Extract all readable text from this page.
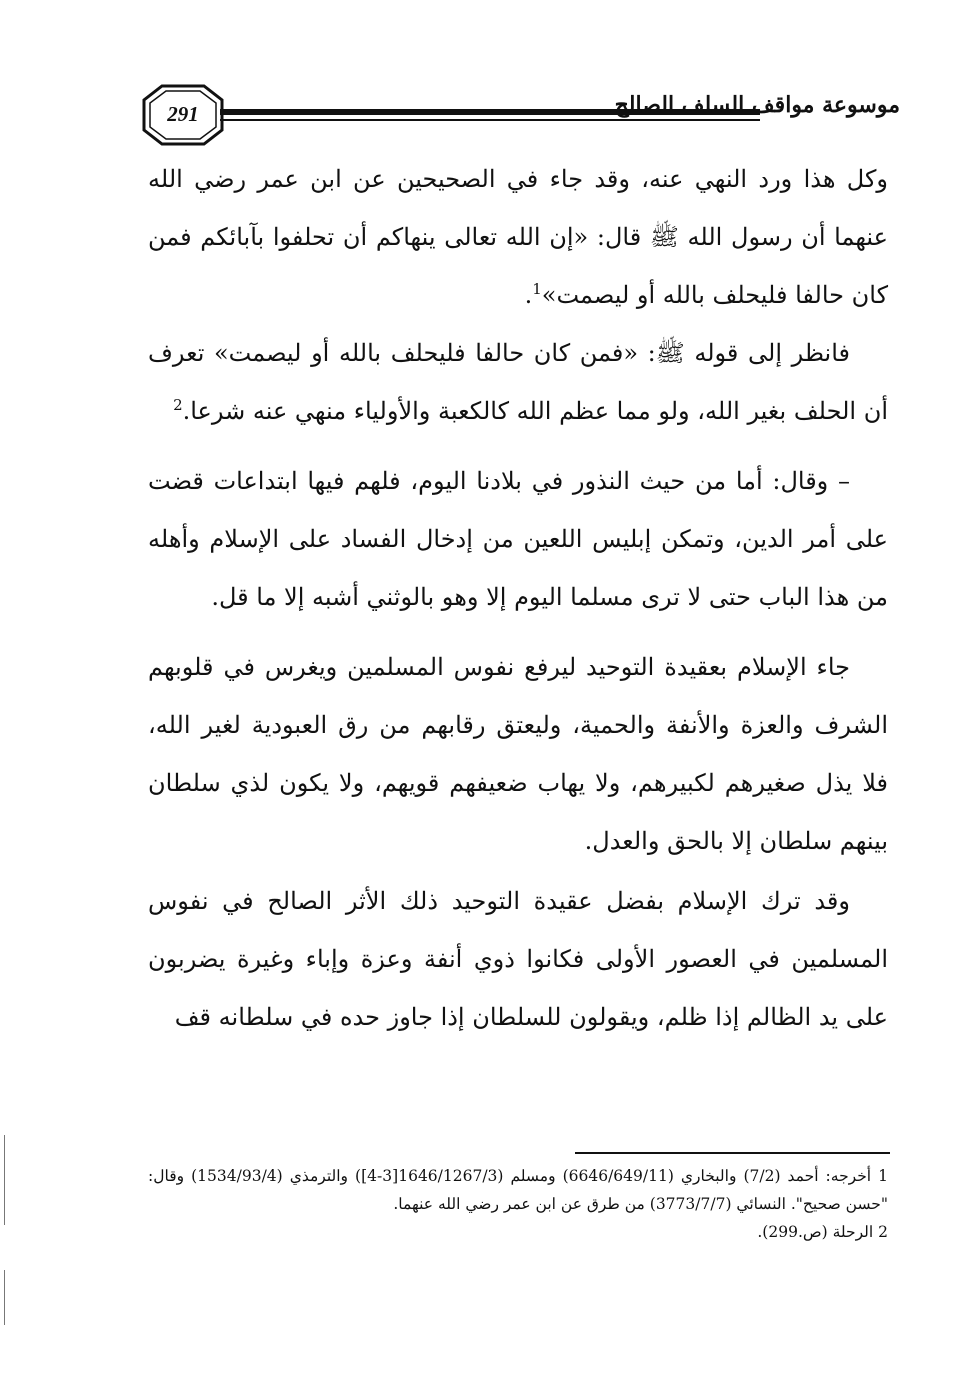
291	موسوعة مواقف السلف الصالح

وكل هذا ورد النهي عنه، وقد جاء في الصحيحين عن ابن عمر رضي الله عنهما أن رسول الله ﷺ قال: «إن الله تعالى ينهاكم أن تحلفوا بآبائكم فمن كان حالفا فليحلف بالله أو ليصمت»$^1$.

فانظر إلى قوله ﷺ: «فمن كان حالفا فليحلف بالله أو ليصمت» تعرف أن الحلف بغير الله، ولو مما عظم الله كالكعبة والأولياء منهي عنه شرعا.$^2$

– وقال: أما من حيث النذور في بلادنا اليوم، فلهم فيها ابتداعات قضت على أمر الدين، وتمكن إبليس اللعين من إدخال الفساد على الإسلام وأهله من هذا الباب حتى لا ترى مسلما اليوم إلا وهو بالوثني أشبه إلا ما قل.

جاء الإسلام بعقيدة التوحيد ليرفع نفوس المسلمين ويغرس في قلوبهم الشرف والعزة والأنفة والحمية، وليعتق رقابهم من رق العبودية لغير الله، فلا يذل صغيرهم لكبيرهم، ولا يهاب ضعيفهم قويهم، ولا يكون لذي سلطان بينهم سلطان إلا بالحق والعدل.

وقد ترك الإسلام بفضل عقيدة التوحيد ذلك الأثر الصالح في نفوس المسلمين في العصور الأولى فكانوا ذوي أنفة وعزة وإباء وغيرة يضربون على يد الظالم إذا ظلم، ويقولون للسلطان إذا جاوز حده في سلطانه قف

1 أخرجه: أحمد (7/2) والبخاري (6646/649/11) ومسلم (1646/1267/3[3-4]) والترمذي (1534/93/4) وقال: "حسن صحيح". النسائي (3773/7/7) من طرق عن ابن عمر رضي الله عنهما.

2 الرحلة (ص.299).
